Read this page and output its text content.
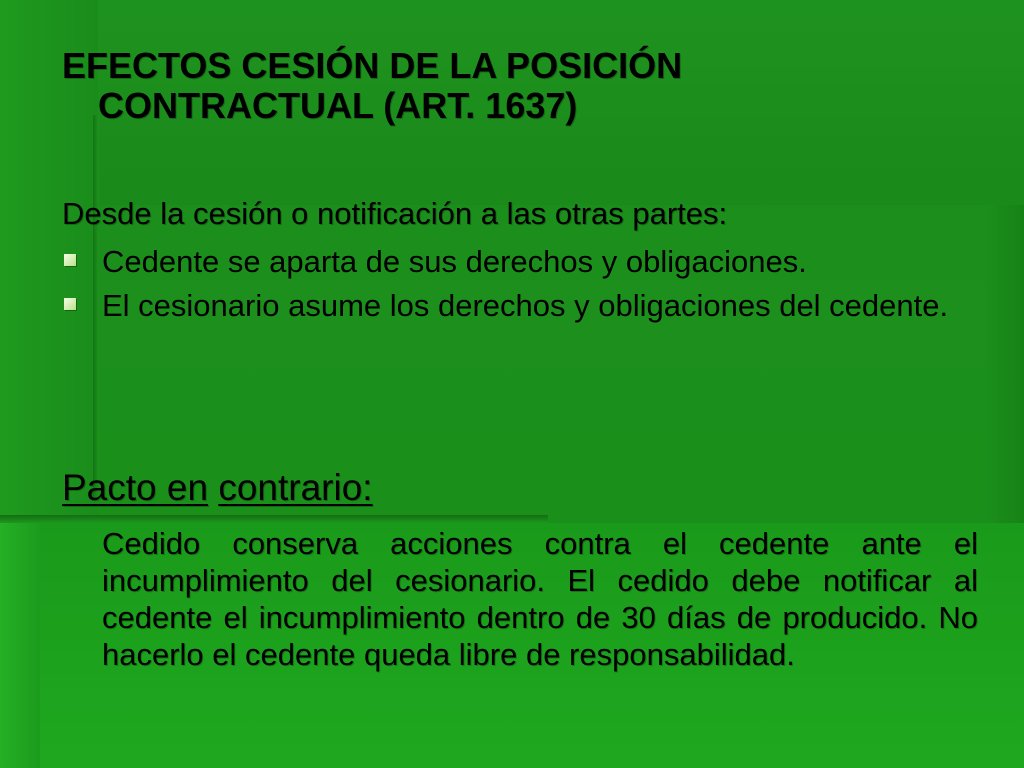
EFECTOS CESIÓN DE LA POSICIÓN
CONTRACTUAL (ART. 1637)
Desde la cesión o notificación a las otras partes:
Cedente se aparta de sus derechos y obligaciones.
El cesionario asume los derechos y obligaciones del cedente.
Pacto en contrario:
Cedido conserva acciones contra el cedente ante el incumplimiento del cesionario. El cedido debe notificar al cedente el incumplimiento dentro de 30 días de producido. No hacerlo el cedente queda libre de responsabilidad.
